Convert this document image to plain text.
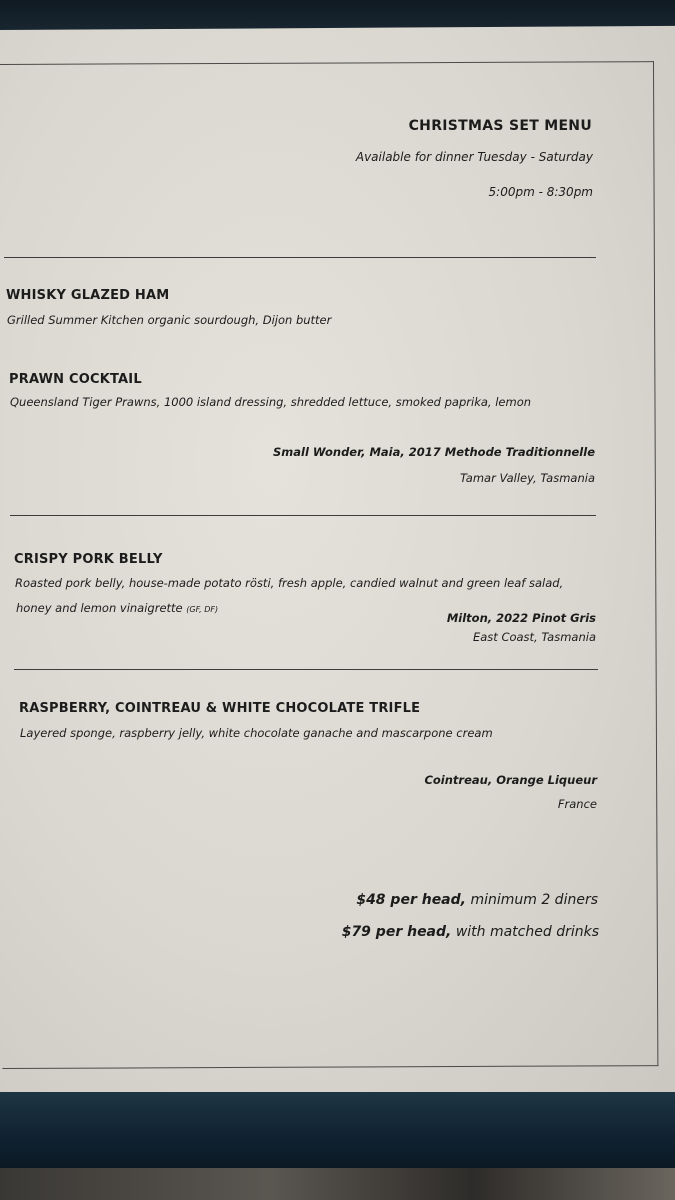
CHRISTMAS SET MENU
Available for dinner Tuesday - Saturday
5:00pm - 8:30pm
WHISKY GLAZED HAM
Grilled Summer Kitchen organic sourdough, Dijon butter
PRAWN COCKTAIL
Queensland Tiger Prawns, 1000 island dressing, shredded lettuce, smoked paprika, lemon
Small Wonder, Maia, 2017 Methode Traditionnelle
Tamar Valley, Tasmania
CRISPY PORK BELLY
Roasted pork belly, house-made potato rösti, fresh apple, candied walnut and green leaf salad,
honey and lemon vinaigrette (GF, DF)
Milton, 2022 Pinot Gris
East Coast, Tasmania
RASPBERRY, COINTREAU & WHITE CHOCOLATE TRIFLE
Layered sponge, raspberry jelly, white chocolate ganache and mascarpone cream
Cointreau, Orange Liqueur
France
$48 per head, minimum 2 diners
$79 per head, with matched drinks
